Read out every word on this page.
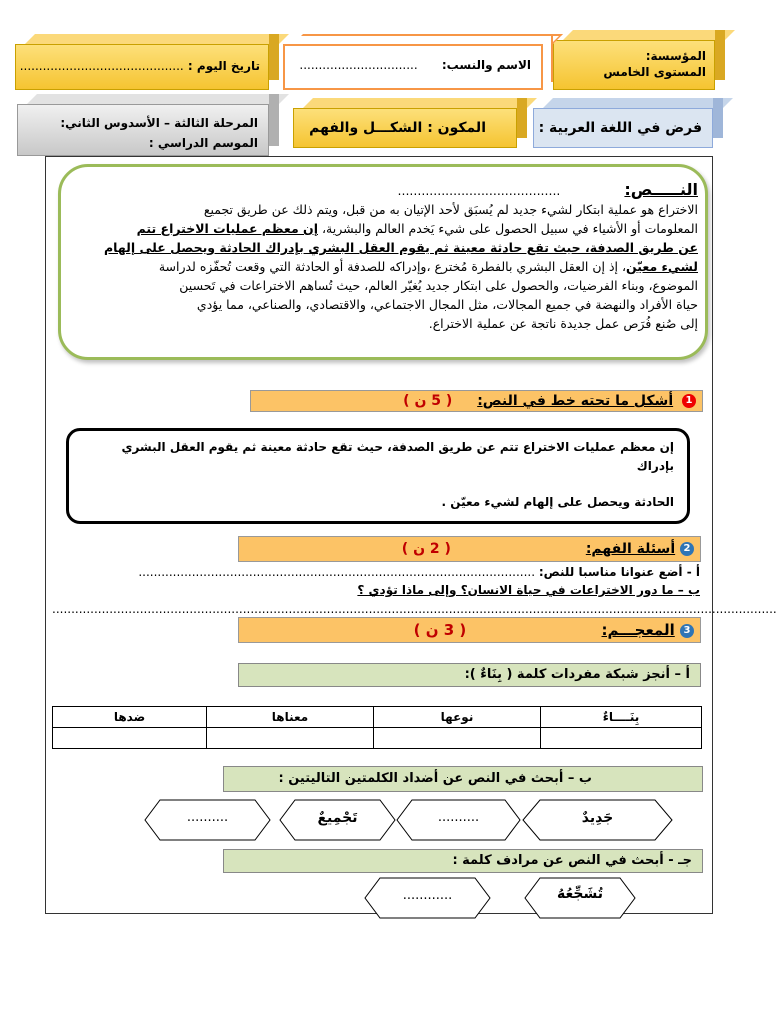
المؤسسة:
المستوى الخامس
الاسم والنسب: ...............................
تاريخ اليوم : ...........................................
فرض في اللغة العربية :
المكون : الشكـــل والفهم
المرحلة الثالثة – الأسدوس الثاني:
الموسم الدراسي :
النـــــص: .........................................
الاختراع هو عملية ابتكار لشيء جديد لم يُسبَق لأحد الإتيان به من قبل، ويتم ذلك عن طريق تجميع
المعلومات أو الأشياء في سبيل الحصول على شيء يَخدم العالم والبشرية، إن معظم عمليات الاختراع تتم
عن طريق الصدفة، حيث تقع حادثة معينة ثم يقوم العقل البشري بإدراك الحادثة ويحصل على إلهام
لشيء معيّن، إذ إن العقل البشري بالفطرة مُخترع ،وإدراكه للصدفة أو الحادثة التي وقعت تُحفّزه لدراسة
الموضوع، وبناء الفرضيات، والحصول على ابتكار جديد يُغيّر العالم، حيث تُساهم الاختراعات في تَحسين
حياة الأفراد والنهضة في جميع المجالات، مثل المجال الاجتماعي، والاقتصادي، والصناعي، مما يؤدي
إلى صُنع فُرَص عمل جديدة ناتجة عن عملية الاختراع.
1 أشكل ما تحته خط في النص: ( 5 ن )
إن معظم عمليات الاختراع تتم عن طريق الصدفة، حيث تقع حادثة معينة ثم يقوم العقل البشري
بإدراك
الحادثة ويحصل على إلهام لشيء معيّن .
2 أسئلة الفهم: ( 2 ن )
أ - أضع عنوانا مناسبا للنص: ........................................................................................................
ب – ما دور الاختراعات في حياة الانسان؟ وإلى ماذا تؤدي ؟
..............................................................................................................................................................................................
3 المعجـــم: ( 3 ن )
أ – أنجز شبكة مفردات كلمة ( بِنَاءٌ ):
بِنَــــاءٌ	نوعها	معناها	ضدها

ب – أبحث في النص عن أضداد الكلمتين التاليتين :
جَدِيدٌ
..........
تَجْمِيعٌ
..........
جـ - أبحث في النص عن مرادف كلمة :
تُشَجِّعُهُ
............
